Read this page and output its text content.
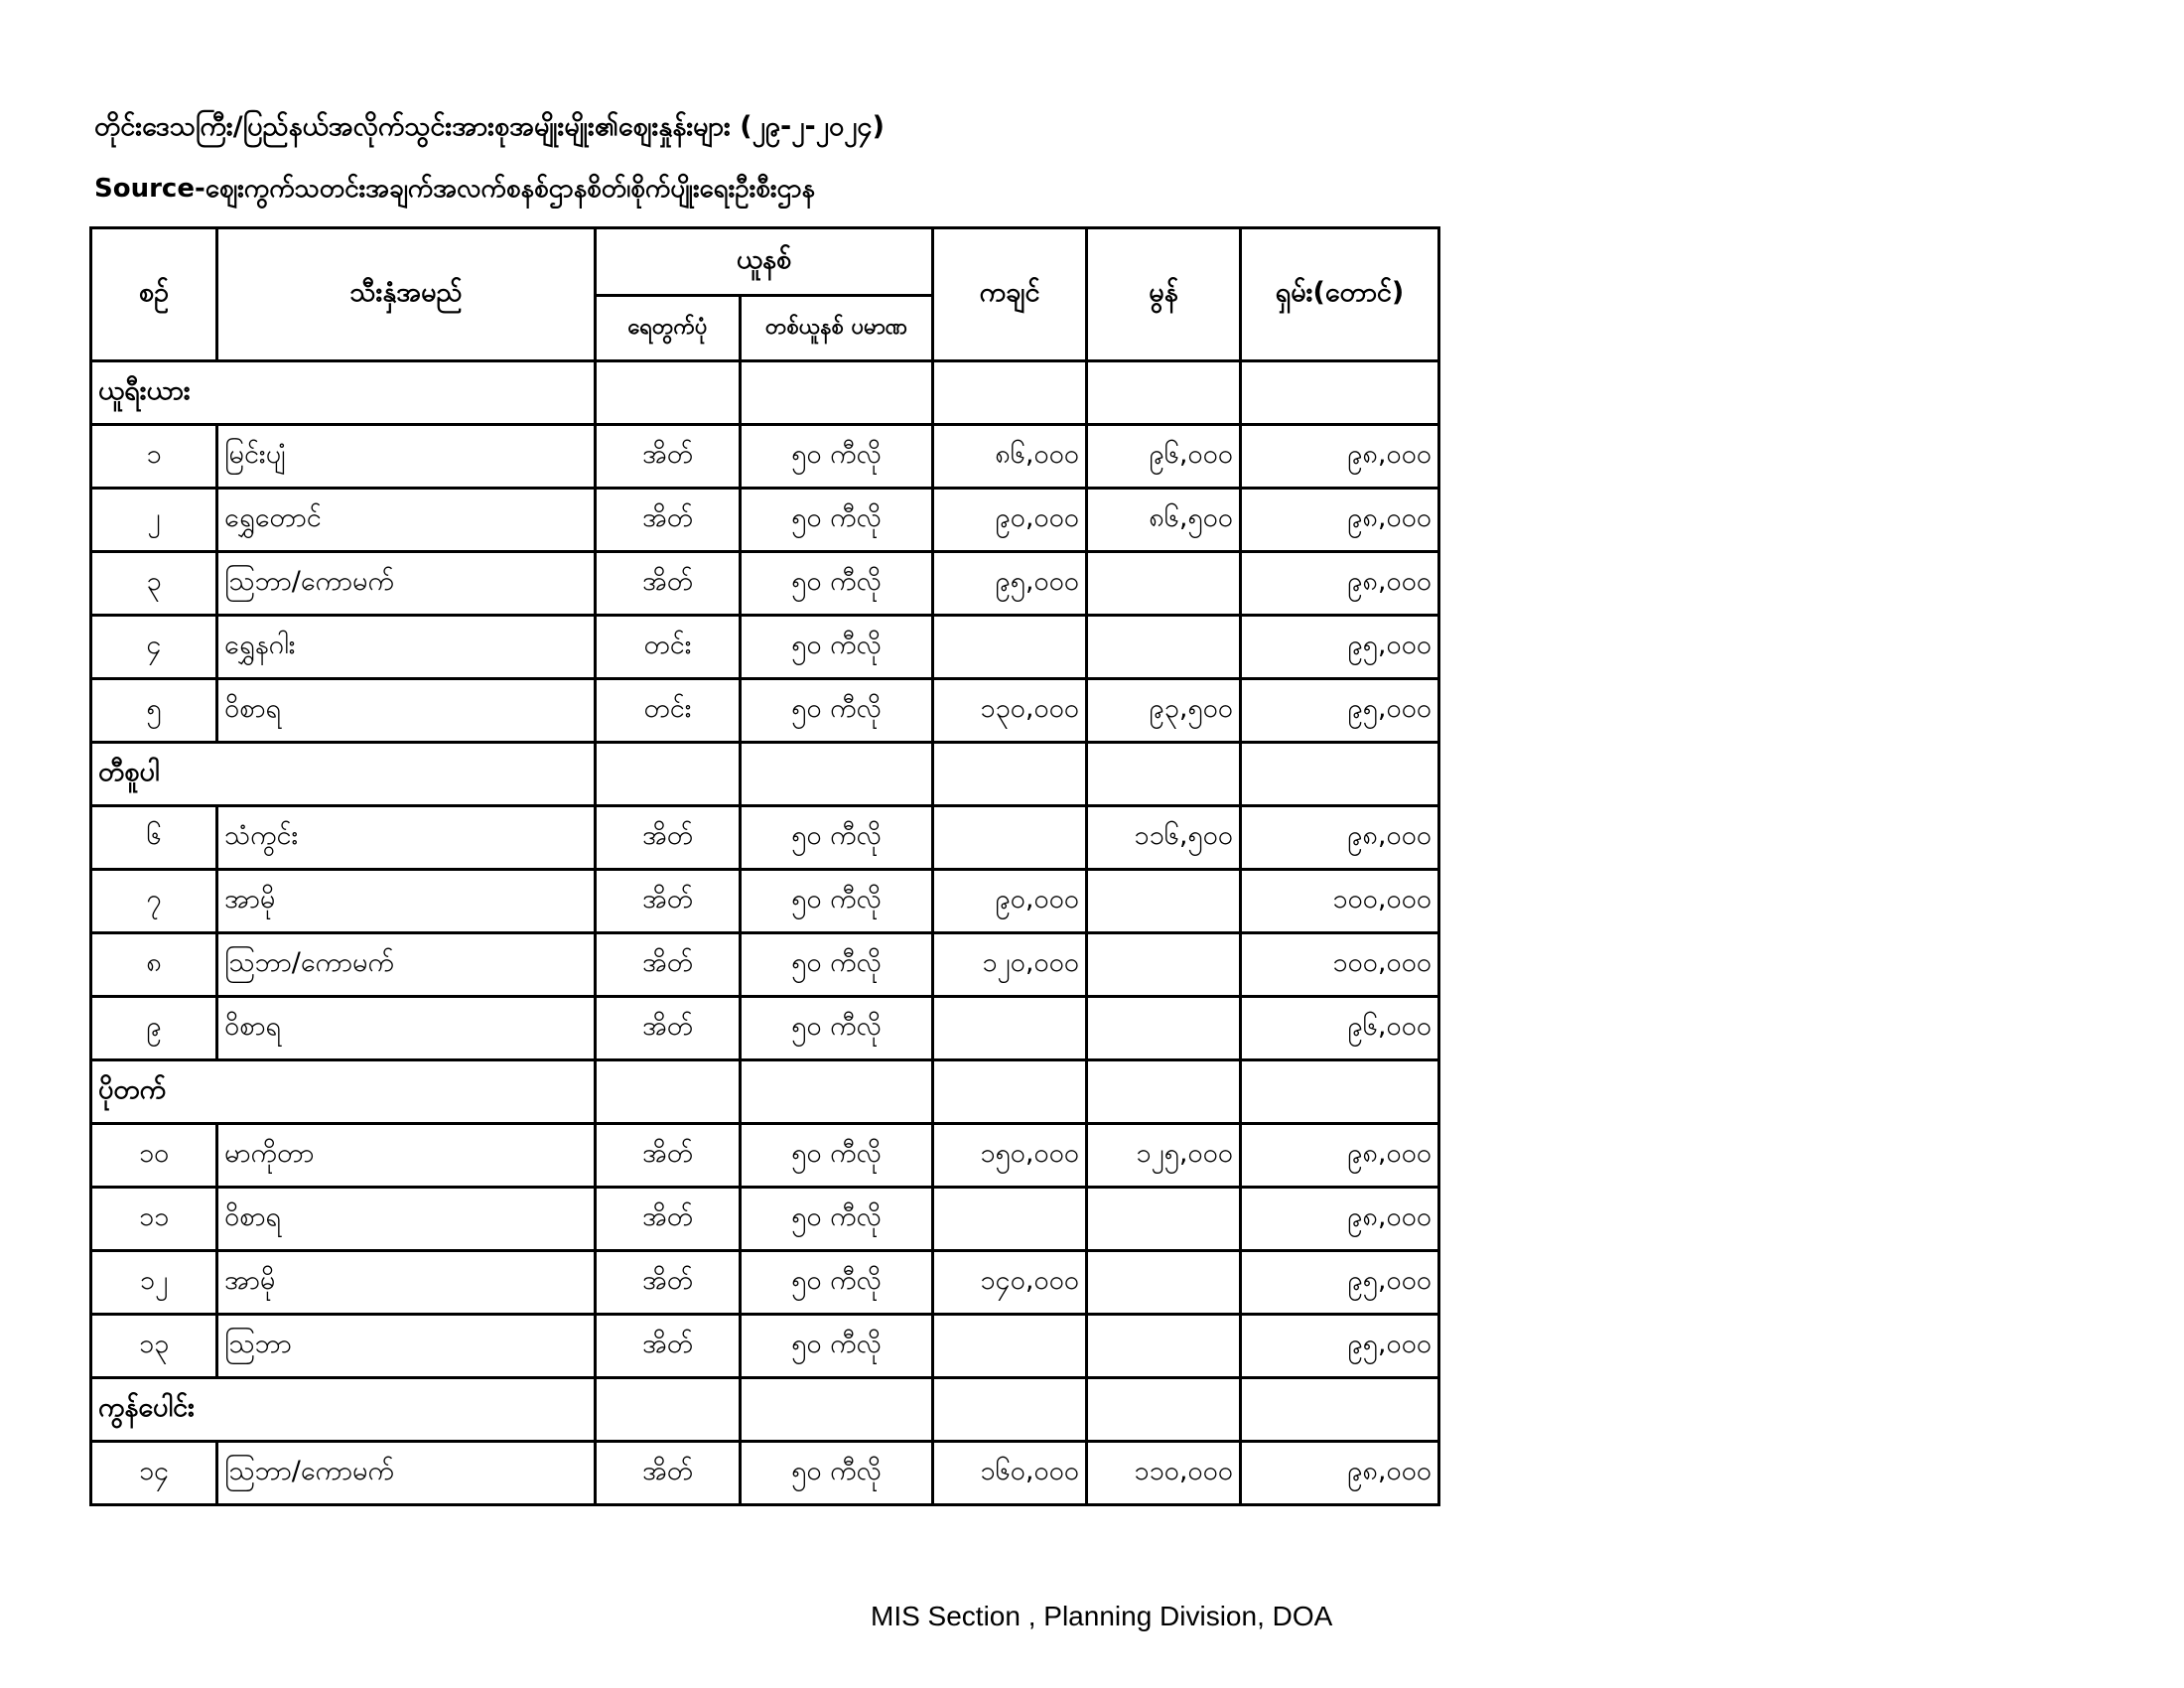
တိုင်းဒေသကြီး/ပြည်နယ်အလိုက်သွင်းအားစုအမျိုးမျိုး၏ဈေးနှုန်းများ (၂၉-၂-၂၀၂၄)
Source-ဈေးကွက်သတင်းအချက်အလက်စနစ်ဌာနစိတ်၊စိုက်ပျိုးရေးဦးစီးဌာန
စဉ်	သီးနှံအမည်	ယူနစ်		ကချင်	မွန်	ရှမ်း(တောင်)
		ရေတွက်ပုံ	တစ်ယူနစ် ပမာဏ			
ယူရီးယား						
၁	မြင်းပျံ	အိတ်	၅၀ ကီလို	၈၆,၀၀၀	၉၆,၀၀၀	၉၈,၀၀၀
၂	ရွှေတောင်	အိတ်	၅၀ ကီလို	၉၀,၀၀၀	၈၆,၅၀၀	၉၈,၀၀၀
၃	သြဘာ/ကောမက်	အိတ်	၅၀ ကီလို	၉၅,၀၀၀		၉၈,၀၀၀
၄	ရွှေနဂါး	တင်း	၅၀ ကီလို			၉၅,၀၀၀
၅	ဝိစာရ	တင်း	၅၀ ကီလို	၁၃၀,၀၀၀	၉၃,၅၀၀	၉၅,၀၀၀
တီစူပါ						
၆	သံကွင်း	အိတ်	၅၀ ကီလို		၁၁၆,၅၀၀	၉၈,၀၀၀
၇	အာမို	အိတ်	၅၀ ကီလို	၉၀,၀၀၀		၁၀၀,၀၀၀
၈	သြဘာ/ကောမက်	အိတ်	၅၀ ကီလို	၁၂၀,၀၀၀		၁၀၀,၀၀၀
၉	ဝိစာရ	အိတ်	၅၀ ကီလို			၉၆,၀၀၀
ပိုတက်						
၁၀	မာကိုတာ	အိတ်	၅၀ ကီလို	၁၅၀,၀၀၀	၁၂၅,၀၀၀	၉၈,၀၀၀
၁၁	ဝိစာရ	အိတ်	၅၀ ကီလို			၉၈,၀၀၀
၁၂	အာမို	အိတ်	၅၀ ကီလို	၁၄၀,၀၀၀		၉၅,၀၀၀
၁၃	သြဘာ	အိတ်	၅၀ ကီလို			၉၅,၀၀၀
ကွန်ပေါင်း						
၁၄	သြဘာ/ကောမက်	အိတ်	၅၀ ကီလို	၁၆၀,၀၀၀	၁၁၀,၀၀၀	၉၈,၀၀၀
MIS Section , Planning Division, DOA
